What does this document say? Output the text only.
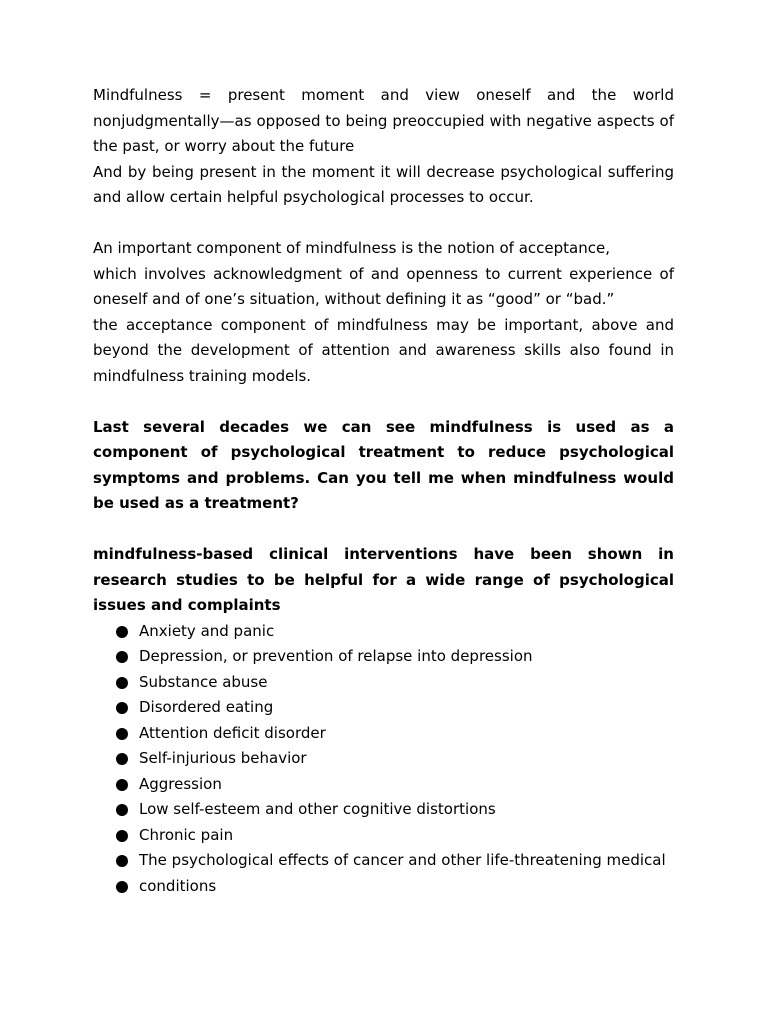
Mindfulness = present moment and view oneself and the world nonjudgmentally—as opposed to being preoccupied with negative aspects of the past, or worry about the future

And by being present in the moment it will decrease psychological suffering and allow certain helpful psychological processes to occur.

An important component of mindfulness is the notion of acceptance,

which involves acknowledgment of and openness to current experience of oneself and of one’s situation, without defining it as “good” or “bad.”

the acceptance component of mindfulness may be important, above and beyond the development of attention and awareness skills also found in mindfulness training models.

Last several decades we can see mindfulness is used as a component of psychological treatment to reduce psychological symptoms and problems. Can you tell me when mindfulness would be used as a treatment?

mindfulness-based clinical interventions have been shown in research studies to be helpful for a wide range of psychological issues and complaints

Anxiety and panic
Depression, or prevention of relapse into depression
Substance abuse
Disordered eating
Attention deficit disorder
Self-injurious behavior
Aggression
Low self-esteem and other cognitive distortions
Chronic pain
The psychological effects of cancer and other life-threatening medical
conditions
